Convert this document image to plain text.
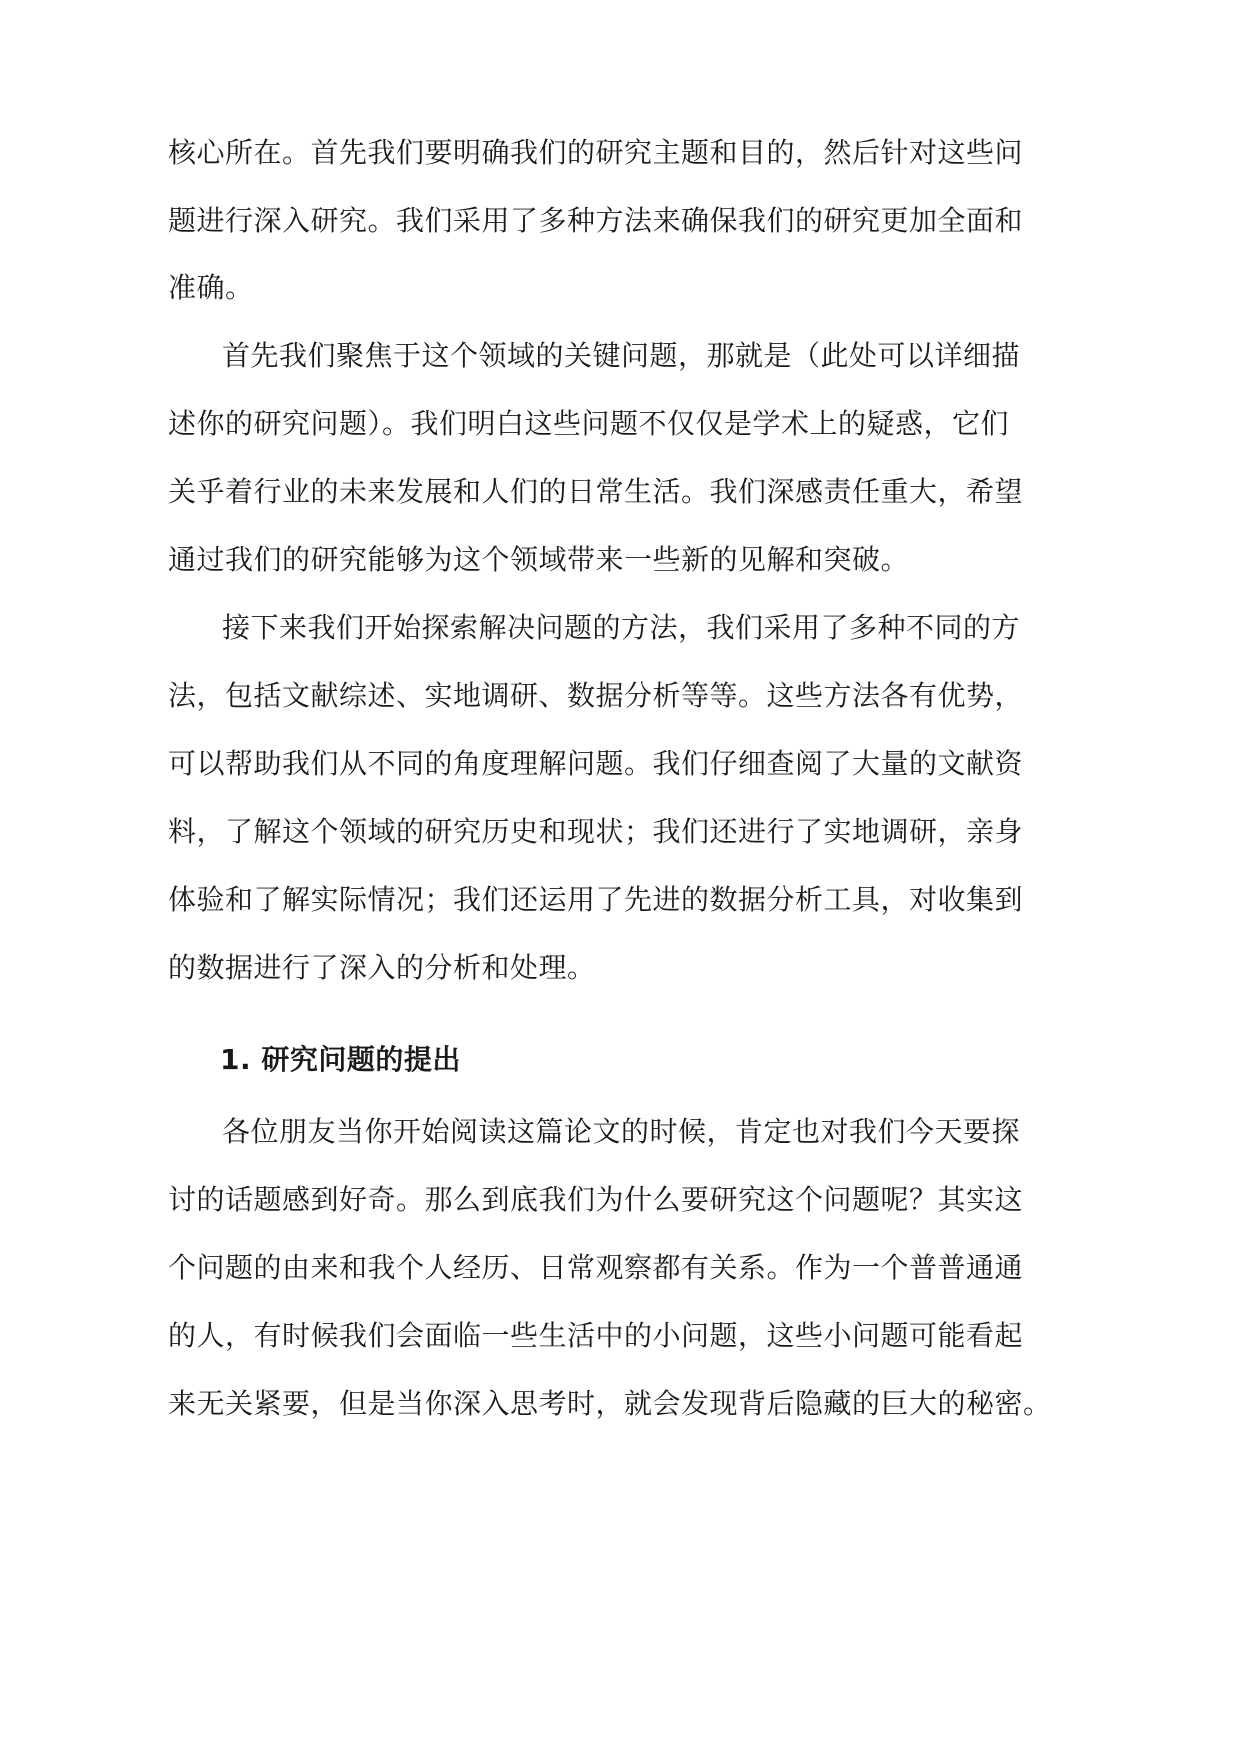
核心所在。首先我们要明确我们的研究主题和目的，然后针对这些问
题进行深入研究。我们采用了多种方法来确保我们的研究更加全面和
准确。
首先我们聚焦于这个领域的关键问题，那就是（此处可以详细描
述你的研究问题）。我们明白这些问题不仅仅是学术上的疑惑，它们
关乎着行业的未来发展和人们的日常生活。我们深感责任重大，希望
通过我们的研究能够为这个领域带来一些新的见解和突破。
接下来我们开始探索解决问题的方法，我们采用了多种不同的方
法，包括文献综述、实地调研、数据分析等等。这些方法各有优势，
可以帮助我们从不同的角度理解问题。我们仔细查阅了大量的文献资
料，了解这个领域的研究历史和现状；我们还进行了实地调研，亲身
体验和了解实际情况；我们还运用了先进的数据分析工具，对收集到
的数据进行了深入的分析和处理。
1. 研究问题的提出
各位朋友当你开始阅读这篇论文的时候，肯定也对我们今天要探
讨的话题感到好奇。那么到底我们为什么要研究这个问题呢？其实这
个问题的由来和我个人经历、日常观察都有关系。作为一个普普通通
的人，有时候我们会面临一些生活中的小问题，这些小问题可能看起
来无关紧要，但是当你深入思考时，就会发现背后隐藏的巨大的秘密。
